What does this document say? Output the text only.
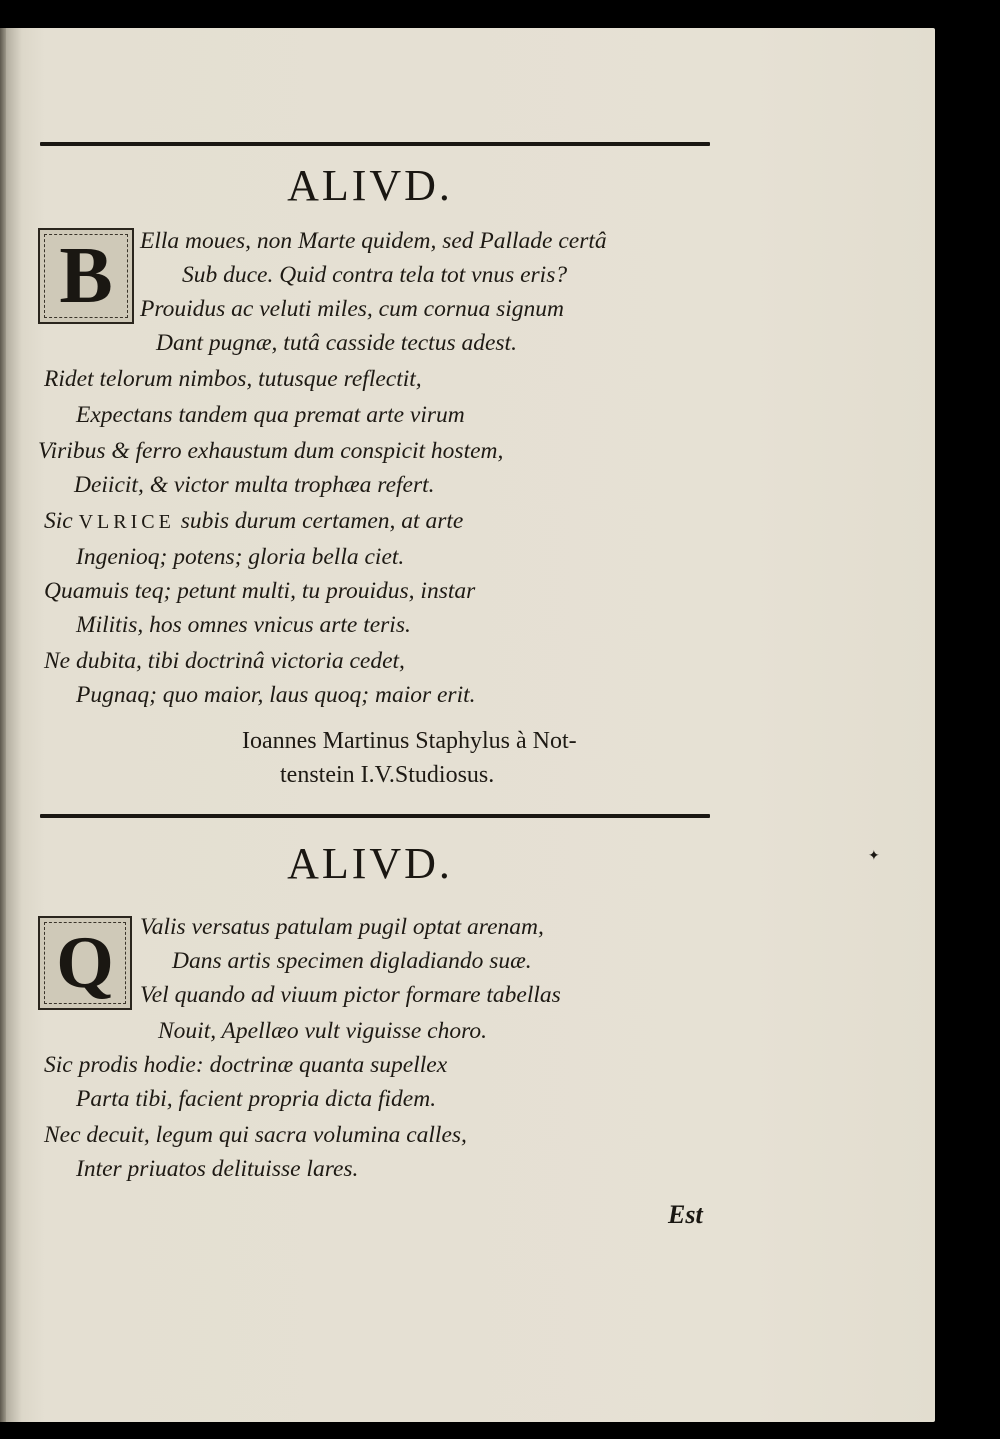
ALIVD.
B Ella moues, non Marte quidem, sed Pallade certâ

Sub duce. Quid contra tela tot vnus eris?

Prouidus ac veluti miles, cum cornua signum

Dant pugnæ, tutâ casside tectus adest.

Ridet telorum nimbos, tutusque reflectit,

Expectans tandem qua premat arte virum

Viribus & ferro exhaustum dum conspicit hostem,

Deiicit, & victor multa trophæa refert.

Sic VLRICE subis durum certamen, at arte

Ingenioq; potens; gloria bella ciet.

Quamuis teq; petunt multi, tu prouidus, instar

Militis, hos omnes vnicus arte teris.

Ne dubita, tibi doctrinâ victoria cedet,

Pugnaq; quo maior, laus quoq; maior erit.

Ioannes Martinus Staphylus à Not-

tenstein I.V.Studiosus.

ALIVD.
Q Valis versatus patulam pugil optat arenam,

Dans artis specimen digladiando suæ.

Vel quando ad viuum pictor formare tabellas

Nouit, Apellæo vult viguisse choro.

Sic prodis hodie: doctrinæ quanta supellex

Parta tibi, facient propria dicta fidem.

Nec decuit, legum qui sacra volumina calles,

Inter priuatos delituisse lares.

Est
✦
